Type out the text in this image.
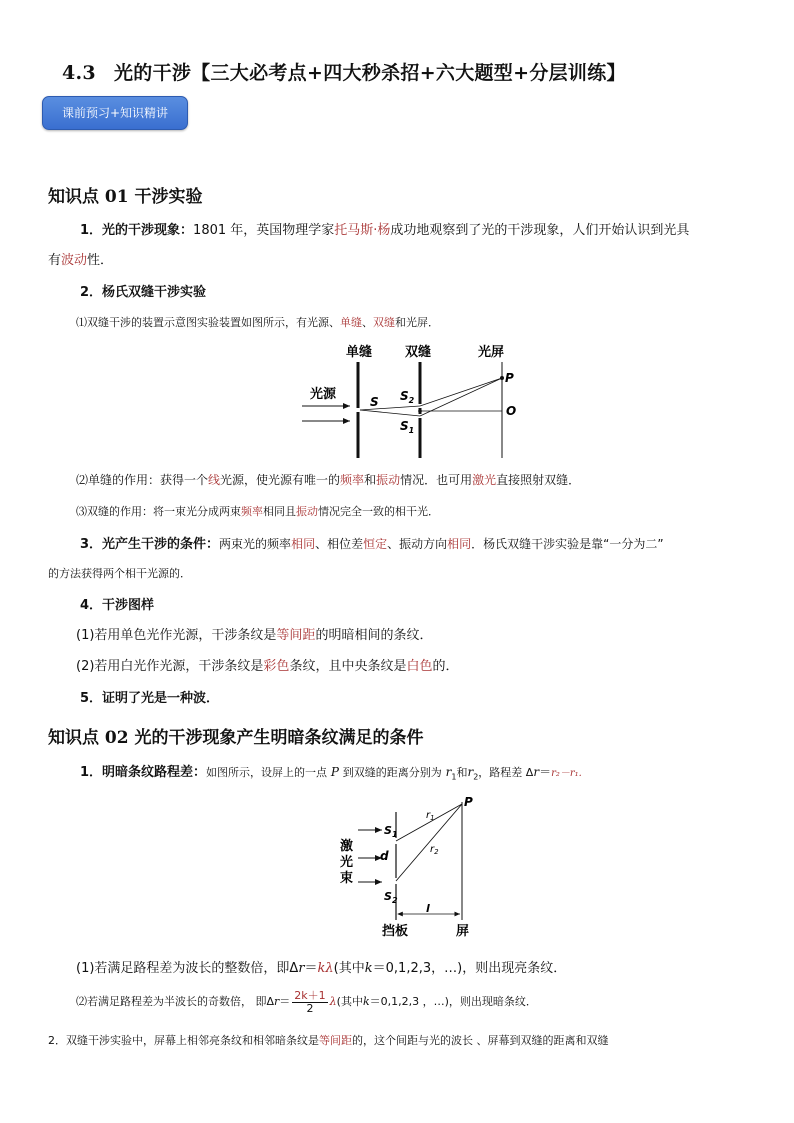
4.3 光的干涉【三大必考点+四大秒杀招+六大题型+分层训练】
课前预习+知识精讲
知识点 01 干涉实验
1．光的干涉现象：1801 年，英国物理学家托马斯·杨成功地观察到了光的干涉现象，人们开始认识到光具
有波动性．
2．杨氏双缝干涉实验
⑴双缝干涉的装置示意图实验装置如图所示，有光源、单缝、双缝和光屏．
单缝	双缝	光屏
光源	S $S_2$
$S_1$
P
O
⑵单缝的作用：获得一个线光源，使光源有唯一的频率和振动情况．也可用激光直接照射双缝．
⑶双缝的作用：将一束光分成两束频率相同且振动情况完全一致的相干光．
3．光产生干涉的条件：两束光的频率相同、相位差恒定、振动方向相同．杨氏双缝干涉实验是靠“一分为二”
的方法获得两个相干光源的．
4．干涉图样
(1)若用单色光作光源，干涉条纹是等间距的明暗相间的条纹．
(2)若用白光作光源，干涉条纹是彩色条纹，且中央条纹是白色的．
5．证明了光是一种波．
知识点 02 光的干涉现象产生明暗条纹满足的条件
1．明暗条纹路程差：如图所示，设屏上的一点 P 到双缝的距离分别为 $r_1$和$r_2$，路程差 Δr＝r₂－r₁.
激
光
束
$S_1$
$S_2$
d
$r_1$
$r_2$
P
l
挡板	屏
(1)若满足路程差为波长的整数倍，即Δr＝kλ(其中k＝0,1,2,3，…)，则出现亮条纹．
⑵若满足路程差为半波长的奇数倍， 即$\Delta r= \frac{2k+1}{2} \lambda$(其中k＝0,1,2,3 ，…)，则出现暗条纹．
2．双缝干涉实验中，屏幕上相邻亮条纹和相邻暗条纹是等间距的，这个间距与光的波长 、屏幕到双缝的距离和双缝
